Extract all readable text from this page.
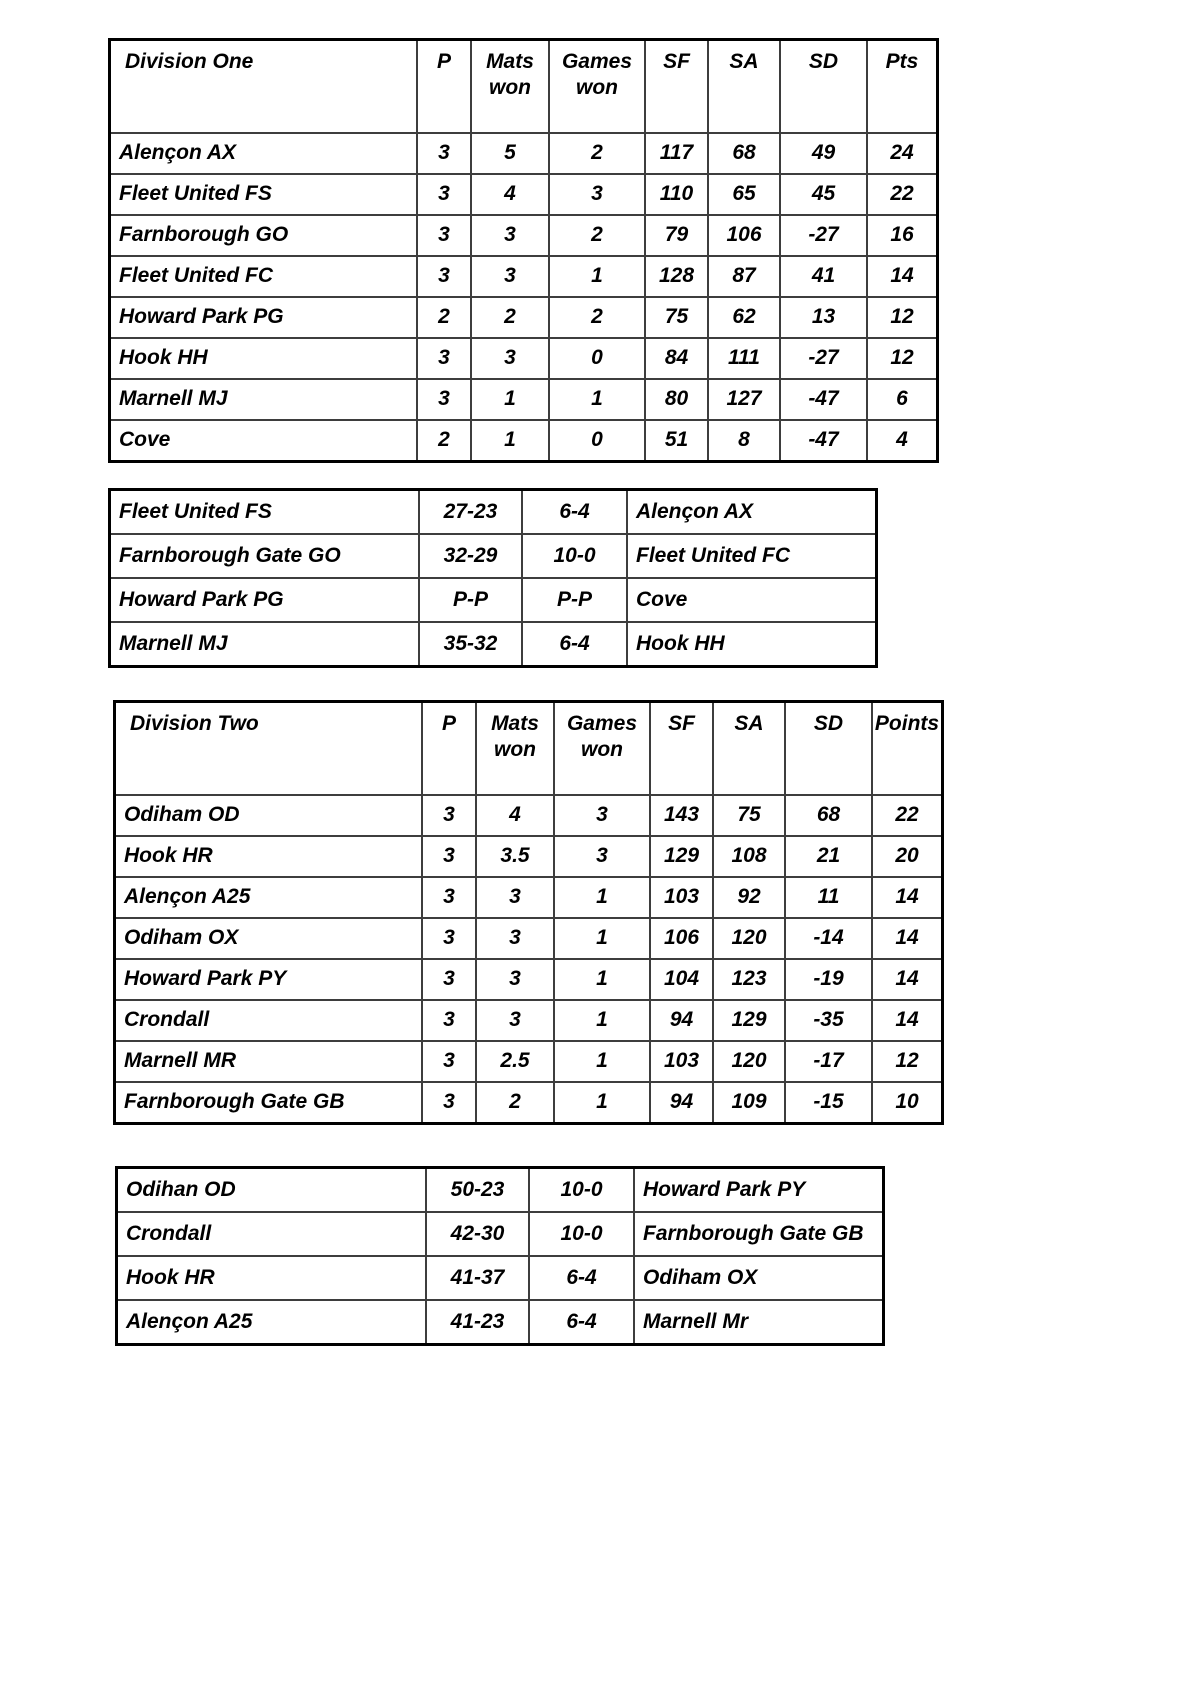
Division One	P	Mats won	Games won	SF	SA	SD	Pts
Alençon AX	3	5	2	117	68	49	24
Fleet United FS	3	4	3	110	65	45	22
Farnborough GO	3	3	2	79	106	-27	16
Fleet United FC	3	3	1	128	87	41	14
Howard Park PG	2	2	2	75	62	13	12
Hook HH	3	3	0	84	111	-27	12
Marnell MJ	3	1	1	80	127	-47	6
Cove	2	1	0	51	8	-47	4
Fleet United FS	27-23	6-4	Alençon AX
Farnborough Gate GO	32-29	10-0	Fleet United FC
Howard Park PG	P-P	P-P	Cove
Marnell MJ	35-32	6-4	Hook HH
Division Two	P	Mats won	Games won	SF	SA	SD	Points
Odiham OD	3	4	3	143	75	68	22
Hook HR	3	3.5	3	129	108	21	20
Alençon A25	3	3	1	103	92	11	14
Odiham OX	3	3	1	106	120	-14	14
Howard Park PY	3	3	1	104	123	-19	14
Crondall	3	3	1	94	129	-35	14
Marnell MR	3	2.5	1	103	120	-17	12
Farnborough Gate GB	3	2	1	94	109	-15	10
Odihan OD	50-23	10-0	Howard Park PY
Crondall	42-30	10-0	Farnborough Gate GB
Hook HR	41-37	6-4	Odiham OX
Alençon A25	41-23	6-4	Marnell Mr
